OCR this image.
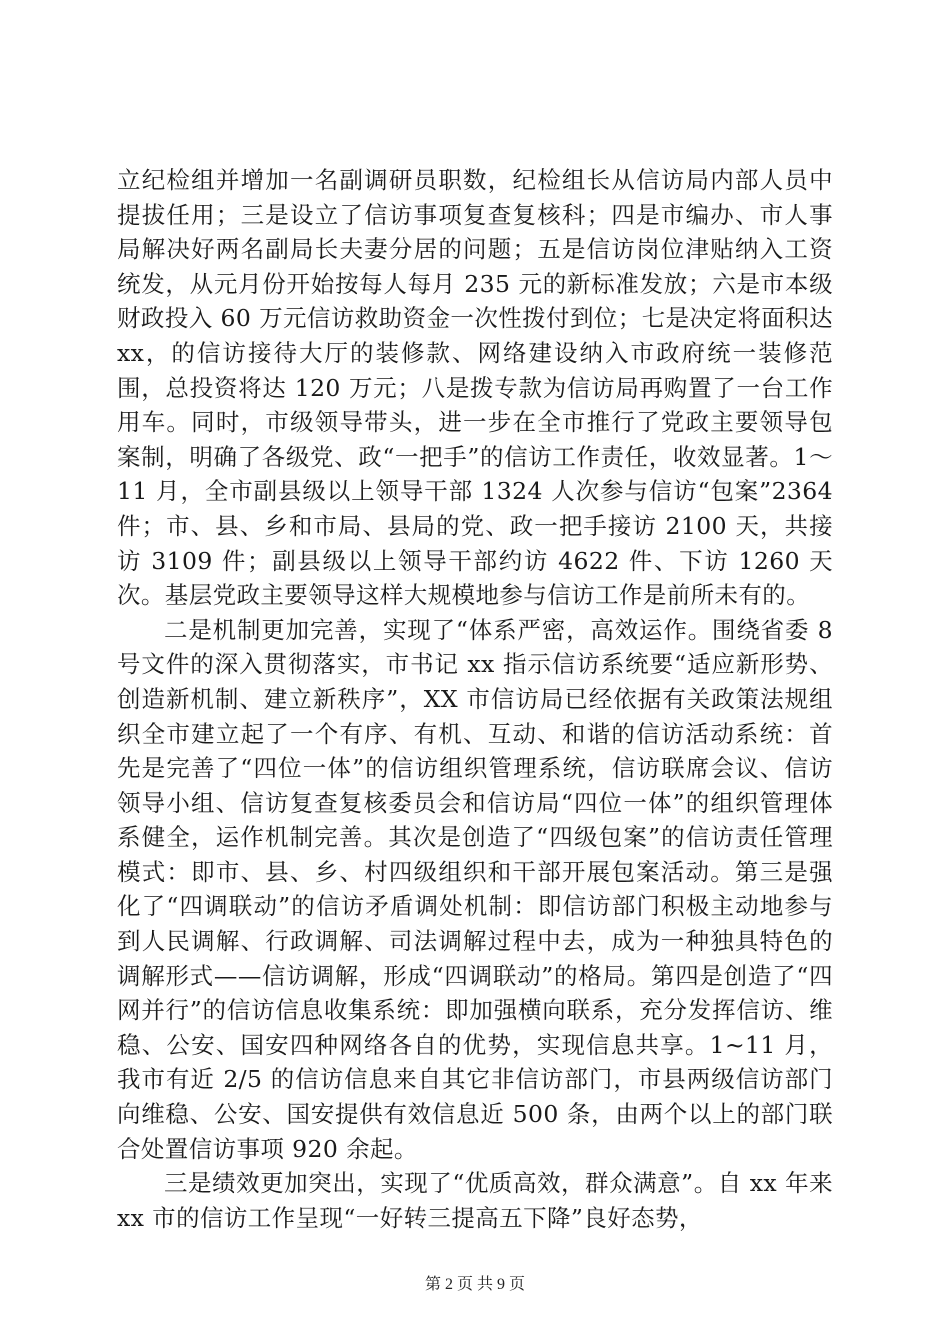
立纪检组并增加一名副调研员职数，纪检组长从信访局内部人员中提拔任用；三是设立了信访事项复查复核科；四是市编办、市人事局解决好两名副局长夫妻分居的问题；五是信访岗位津贴纳入工资统发，从元月份开始按每人每月 235 元的新标准发放；六是市本级财政投入 60 万元信访救助资金一次性拨付到位；七是决定将面积达 xx，的信访接待大厅的装修款、网络建设纳入市政府统一装修范围，总投资将达 120 万元；八是拨专款为信访局再购置了一台工作用车。同时，市级领导带头，进一步在全市推行了党政主要领导包案制，明确了各级党、政“一把手”的信访工作责任，收效显著。1～11 月，全市副县级以上领导干部 1324 人次参与信访“包案”2364 件；市、县、乡和市局、县局的党、政一把手接访 2100 天，共接访 3109 件；副县级以上领导干部约访 4622 件、下访 1260 天次。基层党政主要领导这样大规模地参与信访工作是前所未有的。

二是机制更加完善，实现了“体系严密，高效运作。围绕省委 8 号文件的深入贯彻落实，市书记 xx 指示信访系统要“适应新形势、创造新机制、建立新秩序”，XX 市信访局已经依据有关政策法规组织全市建立起了一个有序、有机、互动、和谐的信访活动系统：首先是完善了“四位一体”的信访组织管理系统，信访联席会议、信访领导小组、信访复查复核委员会和信访局“四位一体”的组织管理体系健全，运作机制完善。其次是创造了“四级包案”的信访责任管理模式：即市、县、乡、村四级组织和干部开展包案活动。第三是强化了“四调联动”的信访矛盾调处机制：即信访部门积极主动地参与到人民调解、行政调解、司法调解过程中去，成为一种独具特色的调解形式——信访调解，形成“四调联动”的格局。第四是创造了“四网并行”的信访信息收集系统：即加强横向联系，充分发挥信访、维稳、公安、国安四种网络各自的优势，实现信息共享。1~11 月，我市有近 2/5 的信访信息来自其它非信访部门，市县两级信访部门向维稳、公安、国安提供有效信息近 500 条，由两个以上的部门联合处置信访事项 920 余起。

三是绩效更加突出，实现了“优质高效，群众满意”。自 xx 年来 xx 市的信访工作呈现“一好转三提高五下降”良好态势，

第 2 页 共 9 页
